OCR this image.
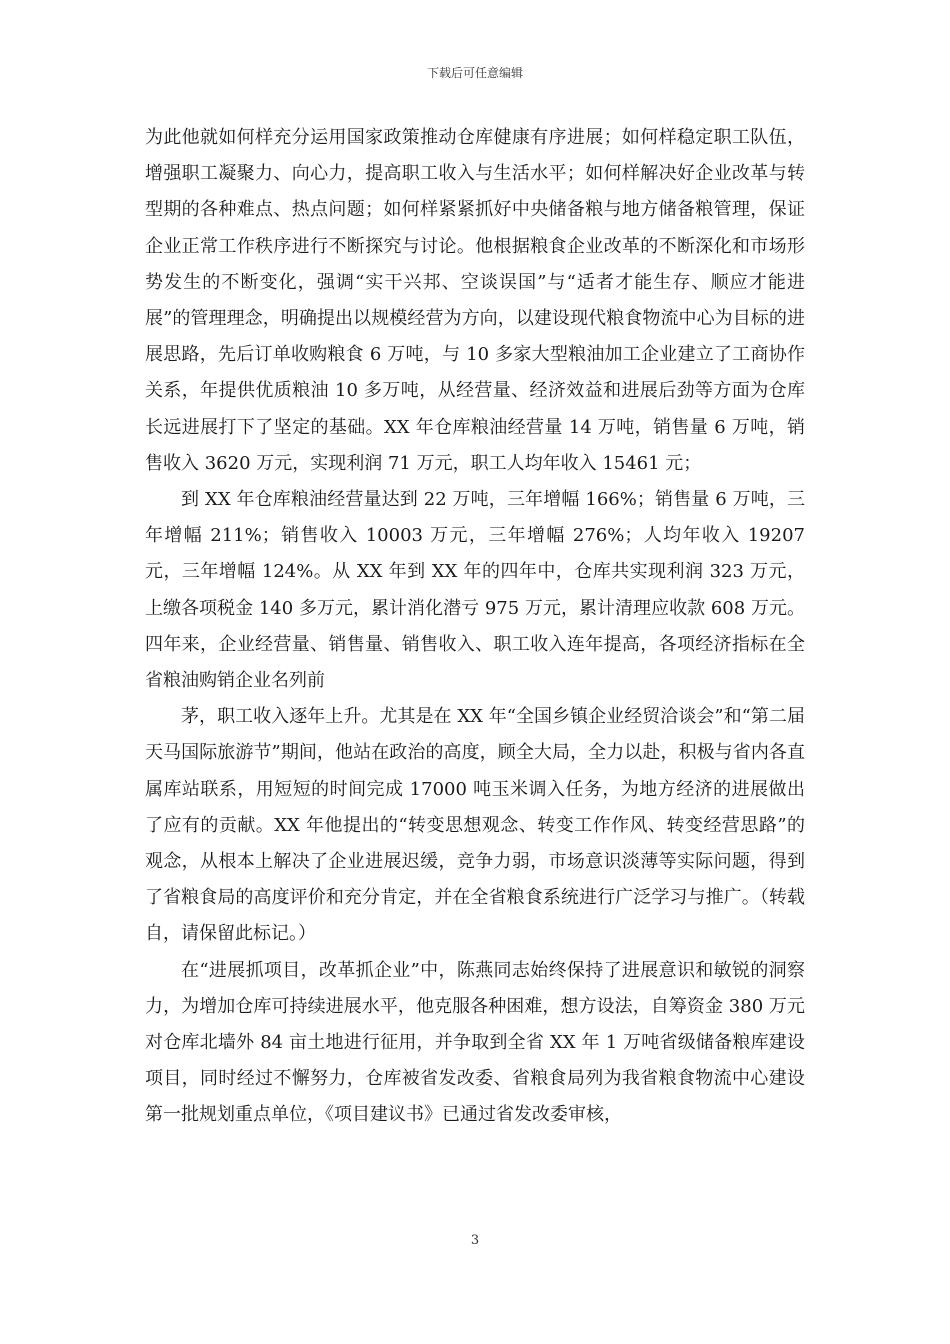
下载后可任意编辑

为此他就如何样充分运用国家政策推动仓库健康有序进展；如何样稳定职工队伍，增强职工凝聚力、向心力，提高职工收入与生活水平；如何样解决好企业改革与转型期的各种难点、热点问题；如何样紧紧抓好中央储备粮与地方储备粮管理，保证企业正常工作秩序进行不断探究与讨论。他根据粮食企业改革的不断深化和市场形势发生的不断变化，强调“实干兴邦、空谈误国”与“适者才能生存、顺应才能进展”的管理理念，明确提出以规模经营为方向，以建设现代粮食物流中心为目标的进展思路，先后订单收购粮食 6 万吨，与 10 多家大型粮油加工企业建立了工商协作关系，年提供优质粮油 10 多万吨，从经营量、经济效益和进展后劲等方面为仓库长远进展打下了坚定的基础。XX 年仓库粮油经营量 14 万吨，销售量 6 万吨，销售收入 3620 万元，实现利润 71 万元，职工人均年收入 15461 元；

到 XX 年仓库粮油经营量达到 22 万吨，三年增幅 166%；销售量 6 万吨，三年增幅 211%；销售收入 10003 万元，三年增幅 276%；人均年收入 19207 元，三年增幅 124%。从 XX 年到 XX 年的四年中，仓库共实现利润 323 万元，上缴各项税金 140 多万元，累计消化潜亏 975 万元，累计清理应收款 608 万元。四年来，企业经营量、销售量、销售收入、职工收入连年提高，各项经济指标在全省粮油购销企业名列前

茅，职工收入逐年上升。尤其是在 XX 年“全国乡镇企业经贸洽谈会”和“第二届天马国际旅游节”期间，他站在政治的高度，顾全大局，全力以赴，积极与省内各直属库站联系，用短短的时间完成 17000 吨玉米调入任务，为地方经济的进展做出了应有的贡献。XX 年他提出的“转变思想观念、转变工作作风、转变经营思路”的观念，从根本上解决了企业进展迟缓，竞争力弱，市场意识淡薄等实际问题，得到了省粮食局的高度评价和充分肯定，并在全省粮食系统进行广泛学习与推广。（转载自，请保留此标记。）

在“进展抓项目，改革抓企业”中，陈燕同志始终保持了进展意识和敏锐的洞察力，为增加仓库可持续进展水平，他克服各种困难，想方设法，自筹资金 380 万元对仓库北墙外 84 亩土地进行征用，并争取到全省 XX 年 1 万吨省级储备粮库建设项目，同时经过不懈努力，仓库被省发改委、省粮食局列为我省粮食物流中心建设第一批规划重点单位，《项目建议书》已通过省发改委审核，

3
